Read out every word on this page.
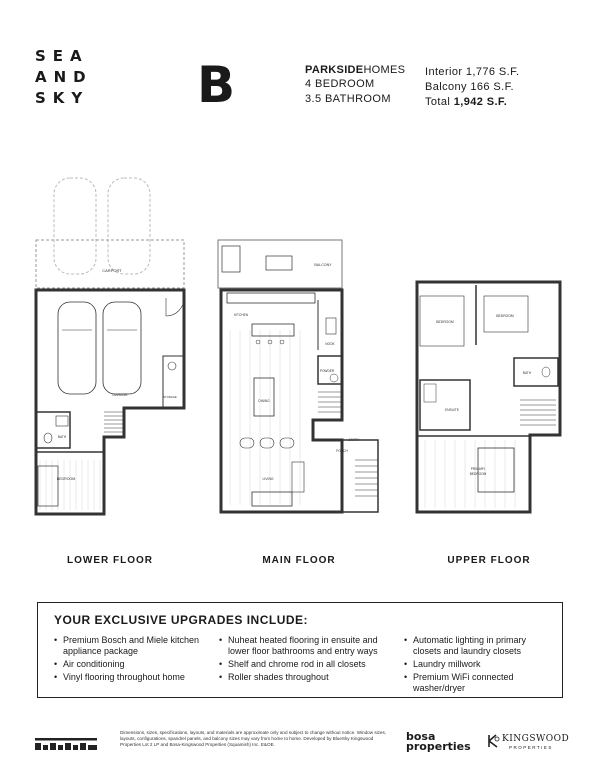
SEA
AND
SKY B	PARKSIDEHOMES
4 BEDROOM
3.5 BATHROOM
Interior 1,776 S.F.
Balcony 166 S.F.
Total 1,942 S.F.
CARPORT
GARAGE	STORAGE
BATH
BEDROOM
BALCONY
KITCHEN
NOOK
DINING
POWDER
LIVING
ENTRY
PORCH
BEDROOM
BEDROOM
BATH
ENSUITE
PRIMARY
BEDROOM
LOWER FLOOR	MAIN FLOOR	UPPER FLOOR
YOUR EXCLUSIVE UPGRADES INCLUDE:
• Premium Bosch and Miele kitchen appliance package
• Air conditioning
• Vinyl flooring throughout home
• Nuheat heated flooring in ensuite and lower floor bathrooms and entry ways
• Shelf and chrome rod in all closets
• Roller shades throughout
• Automatic lighting in primary closets and laundry closets
• Laundry millwork
• Premium WiFi connected washer/dryer
Dimensions, sizes, specifications, layouts, and materials are approximate only and subject to change without notice. Window sizes, layouts, configurations, spandrel panels, and balcony sizes may vary from home to home. Developed by BlueSky Kingswood Properties Lot 2 LP and Bosa-Kingswood Properties (Squamish) Inc. E&OE.
bosa
properties
KINGSWOOD
PROPERTIES
